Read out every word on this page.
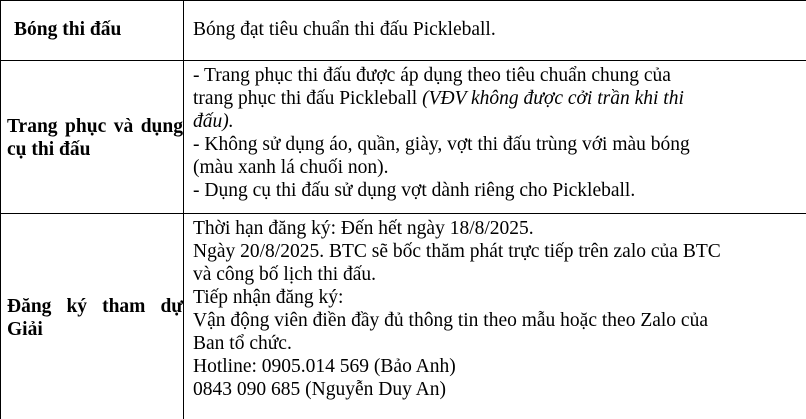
Bóng thi đấu	Bóng đạt tiêu chuẩn thi đấu Pickleball.
Trang phục và dụng cụ thi đấu
- Trang phục thi đấu được áp dụng theo tiêu chuẩn chung của
trang phục thi đấu Pickleball (VĐV không được cởi trần khi thi
đấu).
- Không sử dụng áo, quần, giày, vợt thi đấu trùng với màu bóng
(màu xanh lá chuối non).
- Dụng cụ thi đấu sử dụng vợt dành riêng cho Pickleball.
Đăng ký tham dự Giải
Thời hạn đăng ký: Đến hết ngày 18/8/2025.
Ngày 20/8/2025. BTC sẽ bốc thăm phát trực tiếp trên zalo của BTC
và công bố lịch thi đấu.
Tiếp nhận đăng ký:
Vận động viên điền đầy đủ thông tin theo mẫu hoặc theo Zalo của
Ban tổ chức.
Hotline: 0905.014 569 (Bảo Anh)
0843 090 685 (Nguyễn Duy An)
